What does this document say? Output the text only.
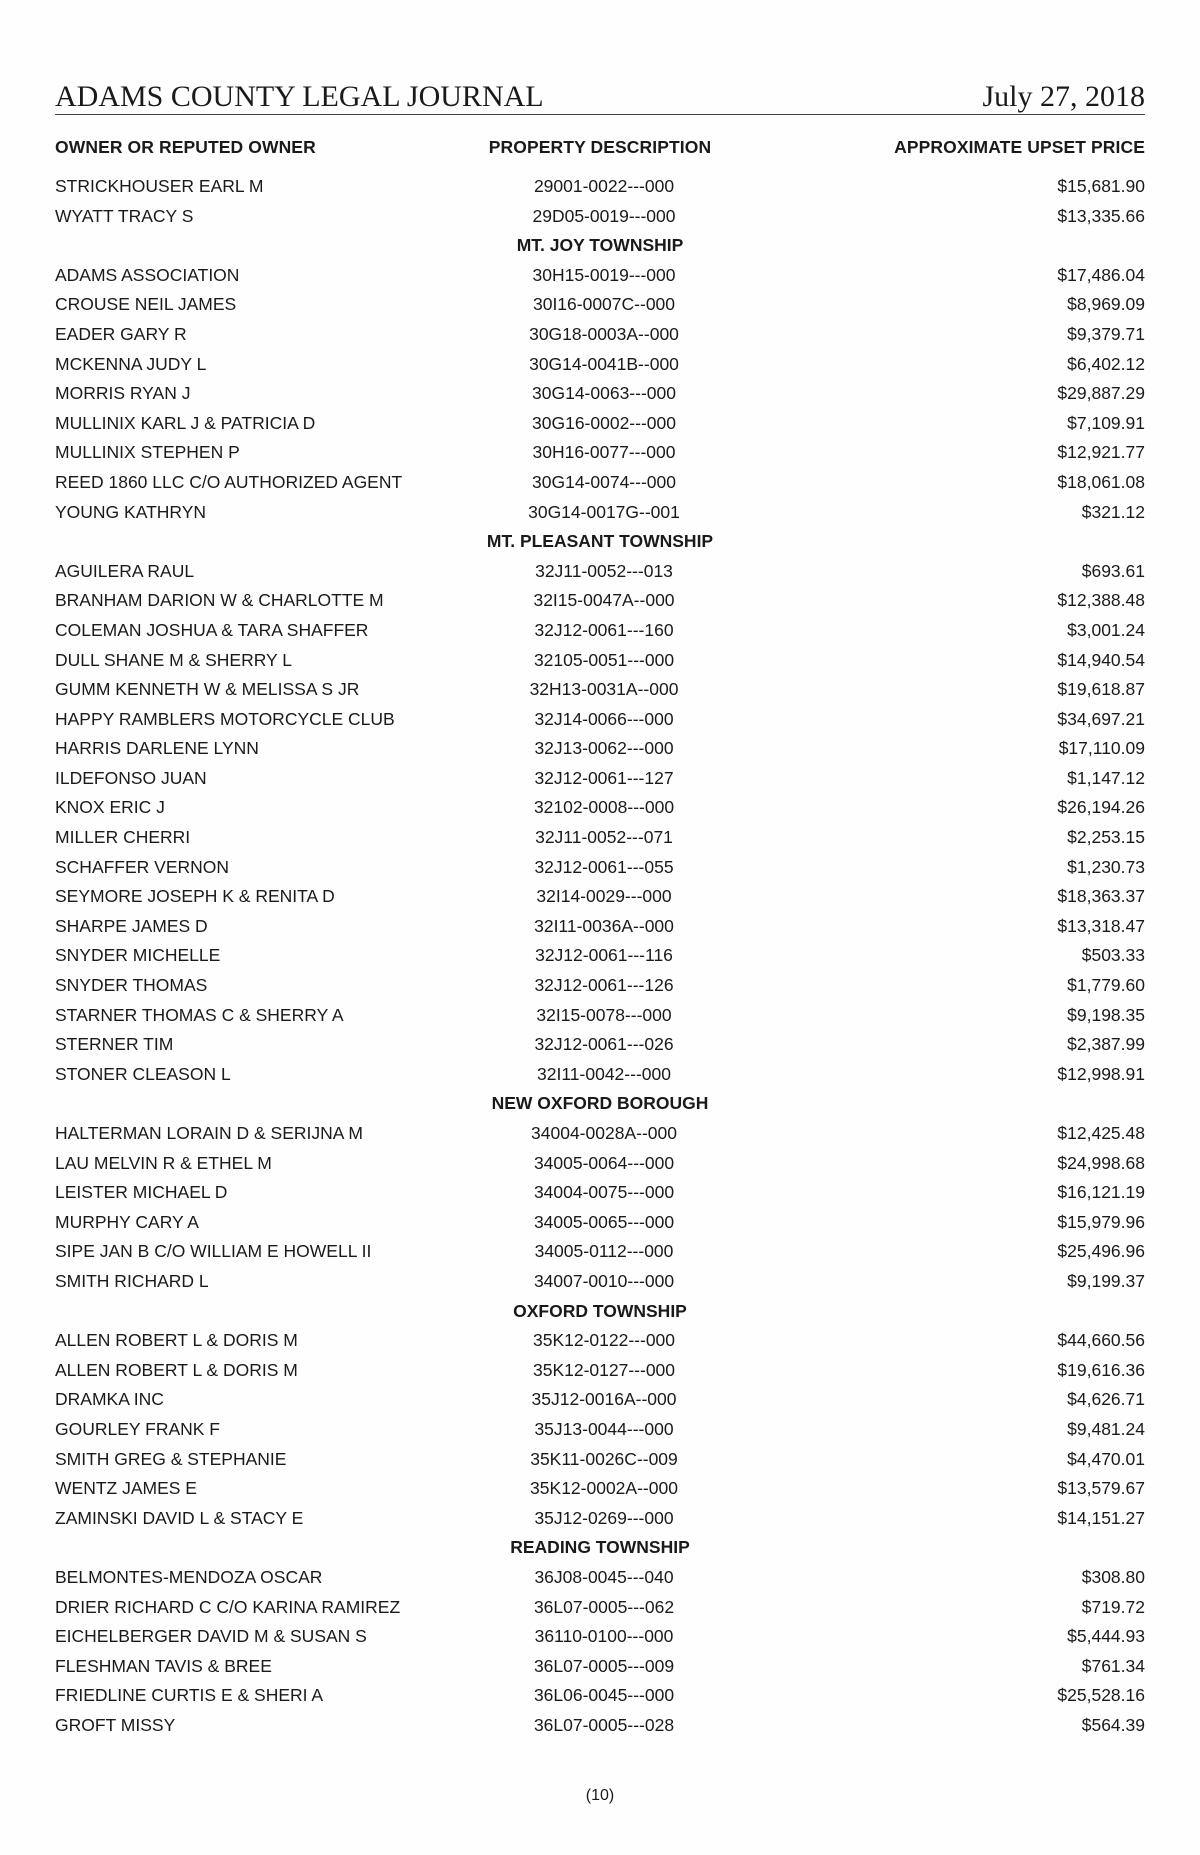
ADAMS COUNTY LEGAL JOURNAL	July 27, 2018
OWNER OR REPUTED OWNER	PROPERTY DESCRIPTION	APPROXIMATE UPSET PRICE
STRICKHOUSER EARL M	29001-0022---000	$15,681.90
WYATT TRACY S	29D05-0019---000	$13,335.66
MT. JOY TOWNSHIP
ADAMS ASSOCIATION	30H15-0019---000	$17,486.04
CROUSE NEIL JAMES	30I16-0007C--000	$8,969.09
EADER GARY R	30G18-0003A--000	$9,379.71
MCKENNA JUDY L	30G14-0041B--000	$6,402.12
MORRIS RYAN J	30G14-0063---000	$29,887.29
MULLINIX KARL J & PATRICIA D	30G16-0002---000	$7,109.91
MULLINIX STEPHEN P	30H16-0077---000	$12,921.77
REED 1860 LLC C/O AUTHORIZED AGENT	30G14-0074---000	$18,061.08
YOUNG KATHRYN	30G14-0017G--001	$321.12
MT. PLEASANT TOWNSHIP
AGUILERA RAUL	32J11-0052---013	$693.61
BRANHAM DARION W & CHARLOTTE M	32I15-0047A--000	$12,388.48
COLEMAN JOSHUA & TARA SHAFFER	32J12-0061---160	$3,001.24
DULL SHANE M & SHERRY L	32105-0051---000	$14,940.54
GUMM KENNETH W & MELISSA S JR	32H13-0031A--000	$19,618.87
HAPPY RAMBLERS MOTORCYCLE CLUB	32J14-0066---000	$34,697.21
HARRIS DARLENE LYNN	32J13-0062---000	$17,110.09
ILDEFONSO JUAN	32J12-0061---127	$1,147.12
KNOX ERIC J	32102-0008---000	$26,194.26
MILLER CHERRI	32J11-0052---071	$2,253.15
SCHAFFER VERNON	32J12-0061---055	$1,230.73
SEYMORE JOSEPH K & RENITA D	32I14-0029---000	$18,363.37
SHARPE JAMES D	32I11-0036A--000	$13,318.47
SNYDER MICHELLE	32J12-0061---116	$503.33
SNYDER THOMAS	32J12-0061---126	$1,779.60
STARNER THOMAS C & SHERRY A	32I15-0078---000	$9,198.35
STERNER TIM	32J12-0061---026	$2,387.99
STONER CLEASON L	32I11-0042---000	$12,998.91
NEW OXFORD BOROUGH
HALTERMAN LORAIN D & SERIJNA M	34004-0028A--000	$12,425.48
LAU MELVIN R & ETHEL M	34005-0064---000	$24,998.68
LEISTER MICHAEL D	34004-0075---000	$16,121.19
MURPHY CARY A	34005-0065---000	$15,979.96
SIPE JAN B C/O WILLIAM E HOWELL II	34005-0112---000	$25,496.96
SMITH RICHARD L	34007-0010---000	$9,199.37
OXFORD TOWNSHIP
ALLEN ROBERT L & DORIS M	35K12-0122---000	$44,660.56
ALLEN ROBERT L & DORIS M	35K12-0127---000	$19,616.36
DRAMKA INC	35J12-0016A--000	$4,626.71
GOURLEY FRANK F	35J13-0044---000	$9,481.24
SMITH GREG & STEPHANIE	35K11-0026C--009	$4,470.01
WENTZ JAMES E	35K12-0002A--000	$13,579.67
ZAMINSKI DAVID L & STACY E	35J12-0269---000	$14,151.27
READING TOWNSHIP
BELMONTES-MENDOZA OSCAR	36J08-0045---040	$308.80
DRIER RICHARD C C/O KARINA RAMIREZ	36L07-0005---062	$719.72
EICHELBERGER DAVID M & SUSAN S	36110-0100---000	$5,444.93
FLESHMAN TAVIS & BREE	36L07-0005---009	$761.34
FRIEDLINE CURTIS E & SHERI A	36L06-0045---000	$25,528.16
GROFT MISSY	36L07-0005---028	$564.39
(10)
